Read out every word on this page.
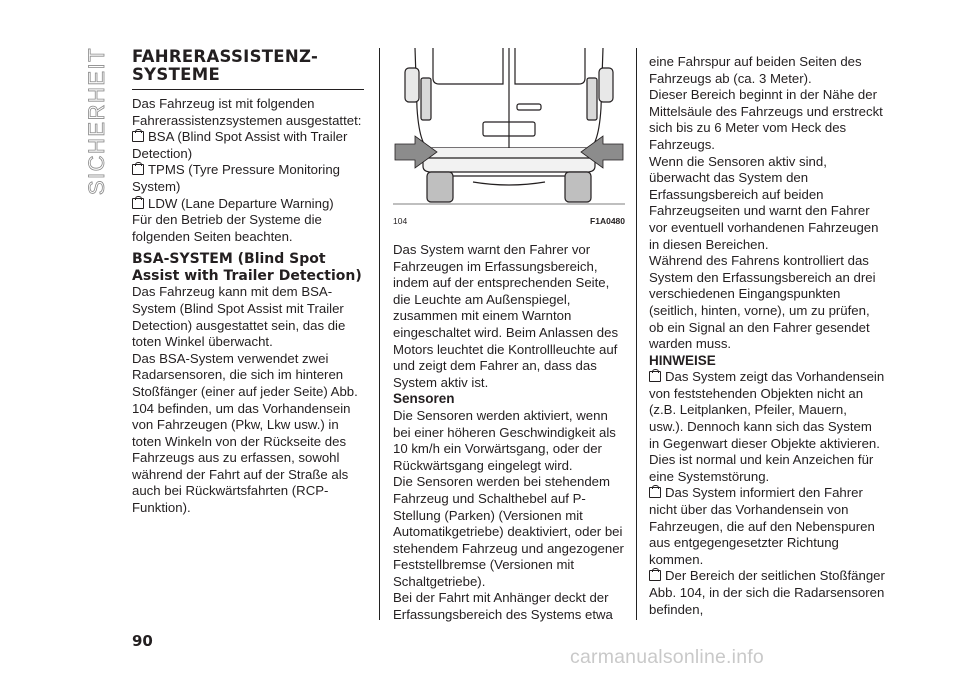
SICHERHEIT FAHRERASSISTENZ-SYSTEME

Das Fahrzeug ist mit folgenden Fahrerassistenzsystemen ausgestattet:

BSA (Blind Spot Assist with Trailer Detection)

TPMS (Tyre Pressure Monitoring System)

LDW (Lane Departure Warning)

Für den Betrieb der Systeme die folgenden Seiten beachten.

BSA-SYSTEM (Blind Spot Assist with Trailer Detection)

Das Fahrzeug kann mit dem BSA-System (Blind Spot Assist mit Trailer Detection) ausgestattet sein, das die toten Winkel überwacht.

Das BSA-System verwendet zwei Radarsensoren, die sich im hinteren Stoßfänger (einer auf jeder Seite) Abb. 104 befinden, um das Vorhandensein von Fahrzeugen (Pkw, Lkw usw.) in toten Winkeln von der Rückseite des Fahrzeugs aus zu erfassen, sowohl während der Fahrt auf der Straße als auch bei Rückwärtsfahrten (RCP-Funktion).

104	F1A0480

Das System warnt den Fahrer vor Fahrzeugen im Erfassungsbereich, indem auf der entsprechenden Seite, die Leuchte am Außenspiegel, zusammen mit einem Warnton eingeschaltet wird. Beim Anlassen des Motors leuchtet die Kontrollleuchte auf und zeigt dem Fahrer an, dass das System aktiv ist.

Sensoren

Die Sensoren werden aktiviert, wenn bei einer höheren Geschwindigkeit als 10 km/h ein Vorwärtsgang, oder der Rückwärtsgang eingelegt wird.

Die Sensoren werden bei stehendem Fahrzeug und Schalthebel auf P-Stellung (Parken) (Versionen mit Automatikgetriebe) deaktiviert, oder bei stehendem Fahrzeug und angezogener Feststellbremse (Versionen mit Schaltgetriebe).

Bei der Fahrt mit Anhänger deckt der Erfassungsbereich des Systems etwa

eine Fahrspur auf beiden Seiten des Fahrzeugs ab (ca. 3 Meter).

Dieser Bereich beginnt in der Nähe der Mittelsäule des Fahrzeugs und erstreckt sich bis zu 6 Meter vom Heck des Fahrzeugs.

Wenn die Sensoren aktiv sind, überwacht das System den Erfassungsbereich auf beiden Fahrzeugseiten und warnt den Fahrer vor eventuell vorhandenen Fahrzeugen in diesen Bereichen.

Während des Fahrens kontrolliert das System den Erfassungsbereich an drei verschiedenen Eingangspunkten (seitlich, hinten, vorne), um zu prüfen, ob ein Signal an den Fahrer gesendet warden muss.

HINWEISE

Das System zeigt das Vorhandensein von feststehenden Objekten nicht an (z.B. Leitplanken, Pfeiler, Mauern, usw.). Dennoch kann sich das System in Gegenwart dieser Objekte aktivieren. Dies ist normal und kein Anzeichen für eine Systemstörung.

Das System informiert den Fahrer nicht über das Vorhandensein von Fahrzeugen, die auf den Nebenspuren aus entgegengesetzter Richtung kommen.

Der Bereich der seitlichen Stoßfänger Abb. 104, in der sich die Radarsensoren befinden,

90
carmanualsonline.info
